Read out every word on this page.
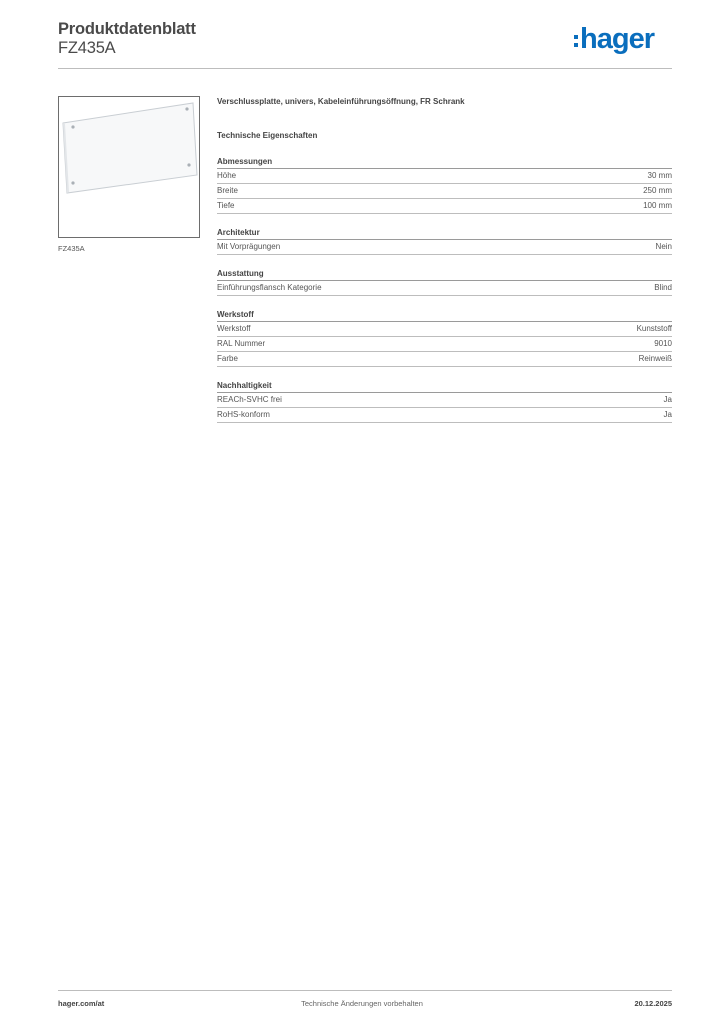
Produktdatenblatt
FZ435A	hager
FZ435A
Verschlussplatte, univers, Kabeleinführungsöffnung, FR Schrank
Technische Eigenschaften
Abmessungen
Höhe	30 mm
Breite	250 mm
Tiefe	100 mm
Architektur
Mit Vorprägungen	Nein
Ausstattung
Einführungsflansch Kategorie	Blind
Werkstoff
Werkstoff	Kunststoff
RAL Nummer	9010
Farbe	Reinweiß
Nachhaltigkeit
REACh-SVHC frei	Ja
RoHS-konform	Ja
Technische Änderungen vorbehalten
hager.com/at	20.12.2025
